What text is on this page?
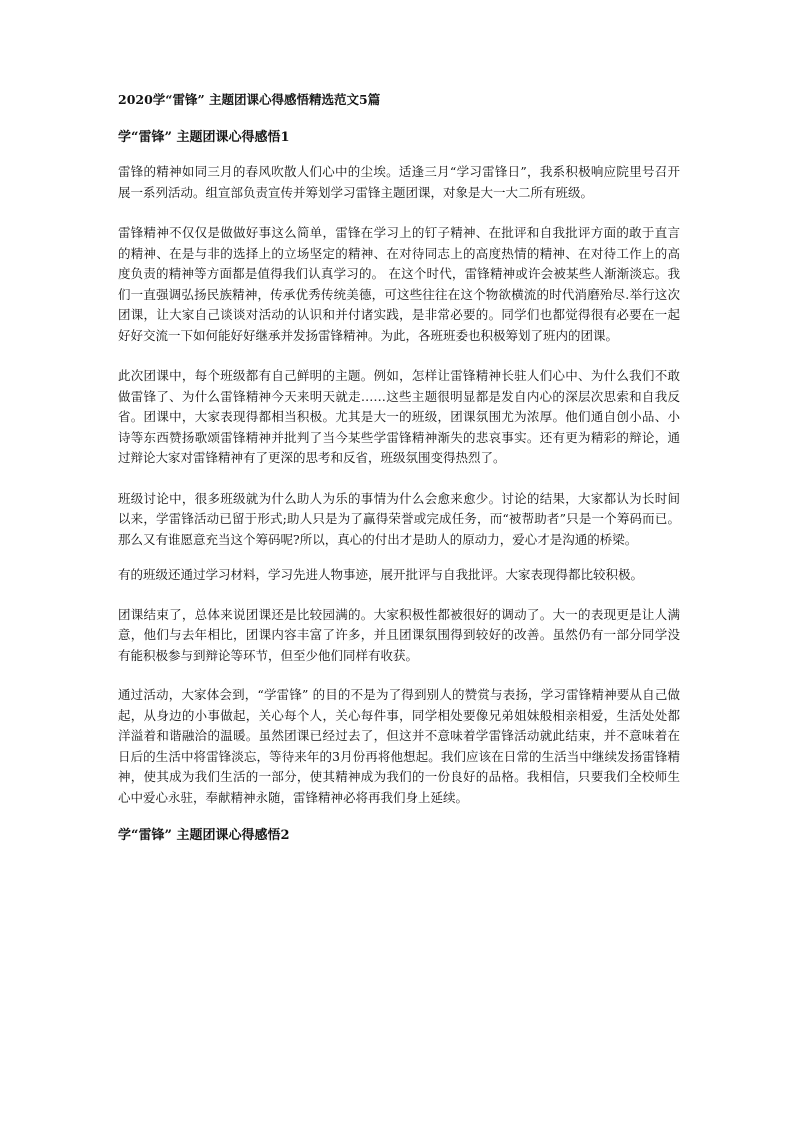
2020学“雷锋” 主题团课心得感悟精选范文5篇
学“雷锋” 主题团课心得感悟1

雷锋的精神如同三月的春风吹散人们心中的尘埃。适逢三月“学习雷锋日”，我系积极响应院里号召开展一系列活动。组宣部负责宣传并筹划学习雷锋主题团课，对象是大一大二所有班级。

雷锋精神不仅仅是做做好事这么简单，雷锋在学习上的钉子精神、在批评和自我批评方面的敢于直言的精神、在是与非的选择上的立场坚定的精神、在对待同志上的高度热情的精神、在对待工作上的高度负责的精神等方面都是值得我们认真学习的。 在这个时代，雷锋精神或许会被某些人渐渐淡忘。我们一直强调弘扬民族精神，传承优秀传统美德，可这些往往在这个物欲横流的时代消磨殆尽.举行这次团课，让大家自己谈谈对活动的认识和并付诸实践，是非常必要的。同学们也都觉得很有必要在一起好好交流一下如何能好好继承并发扬雷锋精神。为此，各班班委也积极筹划了班内的团课。

此次团课中，每个班级都有自己鲜明的主题。例如，怎样让雷锋精神长驻人们心中、为什么我们不敢做雷锋了、为什么雷锋精神今天来明天就走……这些主题很明显都是发自内心的深层次思索和自我反省。团课中，大家表现得都相当积极。尤其是大一的班级，团课氛围尤为浓厚。他们通自创小品、小诗等东西赞扬歌颂雷锋精神并批判了当今某些学雷锋精神渐失的悲哀事实。还有更为精彩的辩论，通过辩论大家对雷锋精神有了更深的思考和反省，班级氛围变得热烈了。

班级讨论中，很多班级就为什么助人为乐的事情为什么会愈来愈少。讨论的结果，大家都认为长时间以来，学雷锋活动已留于形式;助人只是为了赢得荣誉或完成任务，而“被帮助者”只是一个筹码而已。那么又有谁愿意充当这个筹码呢?所以，真心的付出才是助人的原动力，爱心才是沟通的桥梁。

有的班级还通过学习材料，学习先进人物事迹，展开批评与自我批评。大家表现得都比较积极。

团课结束了，总体来说团课还是比较园满的。大家积极性都被很好的调动了。大一的表现更是让人满意，他们与去年相比，团课内容丰富了许多，并且团课氛围得到较好的改善。虽然仍有一部分同学没有能积极参与到辩论等环节，但至少他们同样有收获。

通过活动，大家体会到，“学雷锋” 的目的不是为了得到别人的赞赏与表扬，学习雷锋精神要从自己做起，从身边的小事做起，关心每个人，关心每件事，同学相处要像兄弟姐妹般相亲相爱，生活处处都洋溢着和谐融洽的温暖。虽然团课已经过去了，但这并不意味着学雷锋活动就此结束，并不意味着在日后的生活中将雷锋淡忘，等待来年的3月份再将他想起。我们应该在日常的生活当中继续发扬雷锋精神，使其成为我们生活的一部分，使其精神成为我们的一份良好的品格。我相信，只要我们全校师生心中爱心永驻，奉献精神永随，雷锋精神必将再我们身上延续。

学“雷锋” 主题团课心得感悟2
